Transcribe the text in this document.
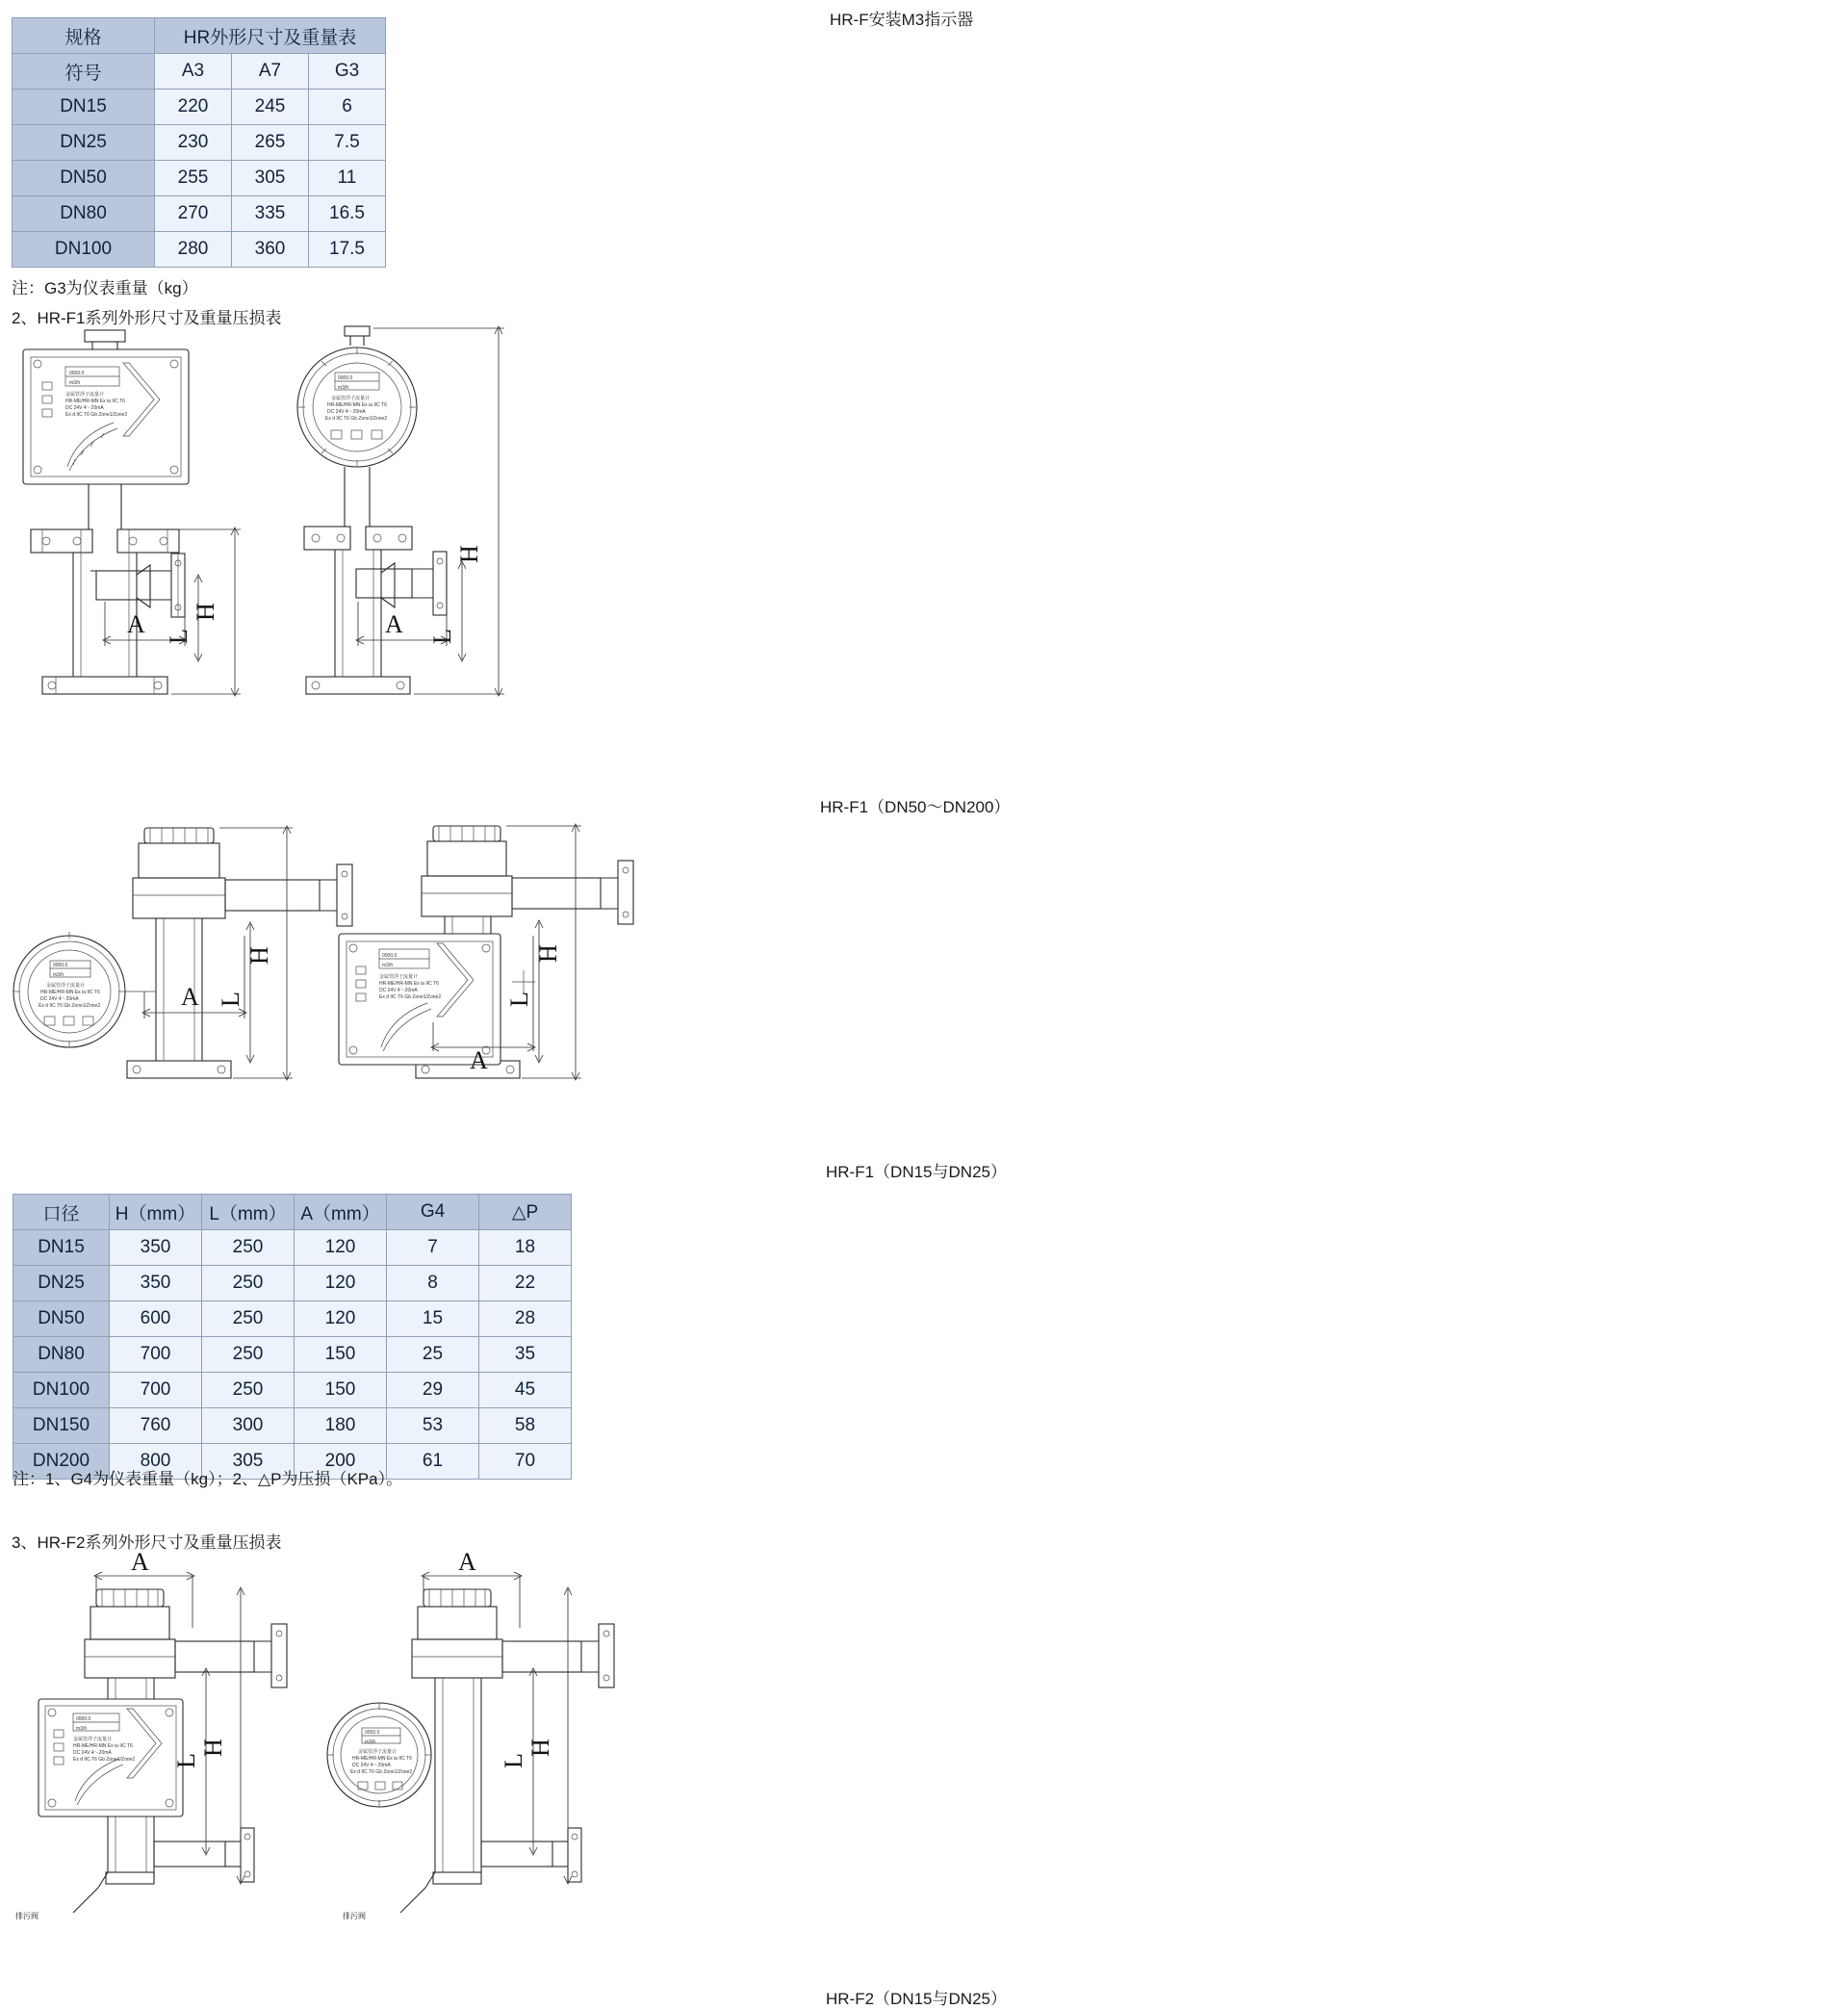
规格	HR外形尺寸及重量表		
符号	A3	A7	G3
DN15	220	245	6
DN25	230	265	7.5
DN50	255	305	11
DN80	270	335	16.5
DN100	280	360	17.5
注：G3为仪表重量（kg）
2、HR-F1系列外形尺寸及重量压损表
HR-F安装M3指示器
HR-F1（DN50～DN200）
HR-F1（DN15与DN25）
HR-F2（DN15与DN25）
0000.0
m3/h
金属管浮子流量计
HR-ME/HR-MN Ex ia IIC T6
DC 24V 4～20mA
Ex d IIC T6 Gb Zone1/Zone2
H
L
A
0000.0
m3/h
金属管浮子流量计
HR-ME/HR-MN Ex ia IIC T6
DC 24V 4～20mA
Ex d IIC T6 Gb Zone1/Zone2
H
L
A
0000.0
m3/h
金属管浮子流量计
HR-ME/HR-MN Ex ia IIC T6
DC 24V 4～20mA
Ex d IIC T6 Gb Zone1/Zone2
H
L
A
0000.0
m3/h
金属管浮子流量计
HR-ME/HR-MN Ex ia IIC T6
DC 24V 4～20mA
Ex d IIC T6 Gb Zone1/Zone2
H
L
A
口径	H（mm）	L（mm）	A（mm）	G4	△P
DN15	350	250	120	7	18
DN25	350	250	120	8	22
DN50	600	250	120	15	28
DN80	700	250	150	25	35
DN100	700	250	150	29	45
DN150	760	300	180	53	58
DN200	800	305	200	61	70
注：1、G4为仪表重量（kg）；2、△P为压损（KPa）。
3、HR-F2系列外形尺寸及重量压损表
0000.0
m3/h
金属管浮子流量计
HR-ME/HR-MN Ex ia IIC T6
DC 24V 4～20mA
Ex d IIC T6 Gb Zone1/Zone2
排污阀
H
L
A
0000.0
m3/h
金属管浮子流量计
HR-ME/HR-MN Ex ia IIC T6
DC 24V 4～20mA
Ex d IIC T6 Gb Zone1/Zone2
排污阀
H
L
A
